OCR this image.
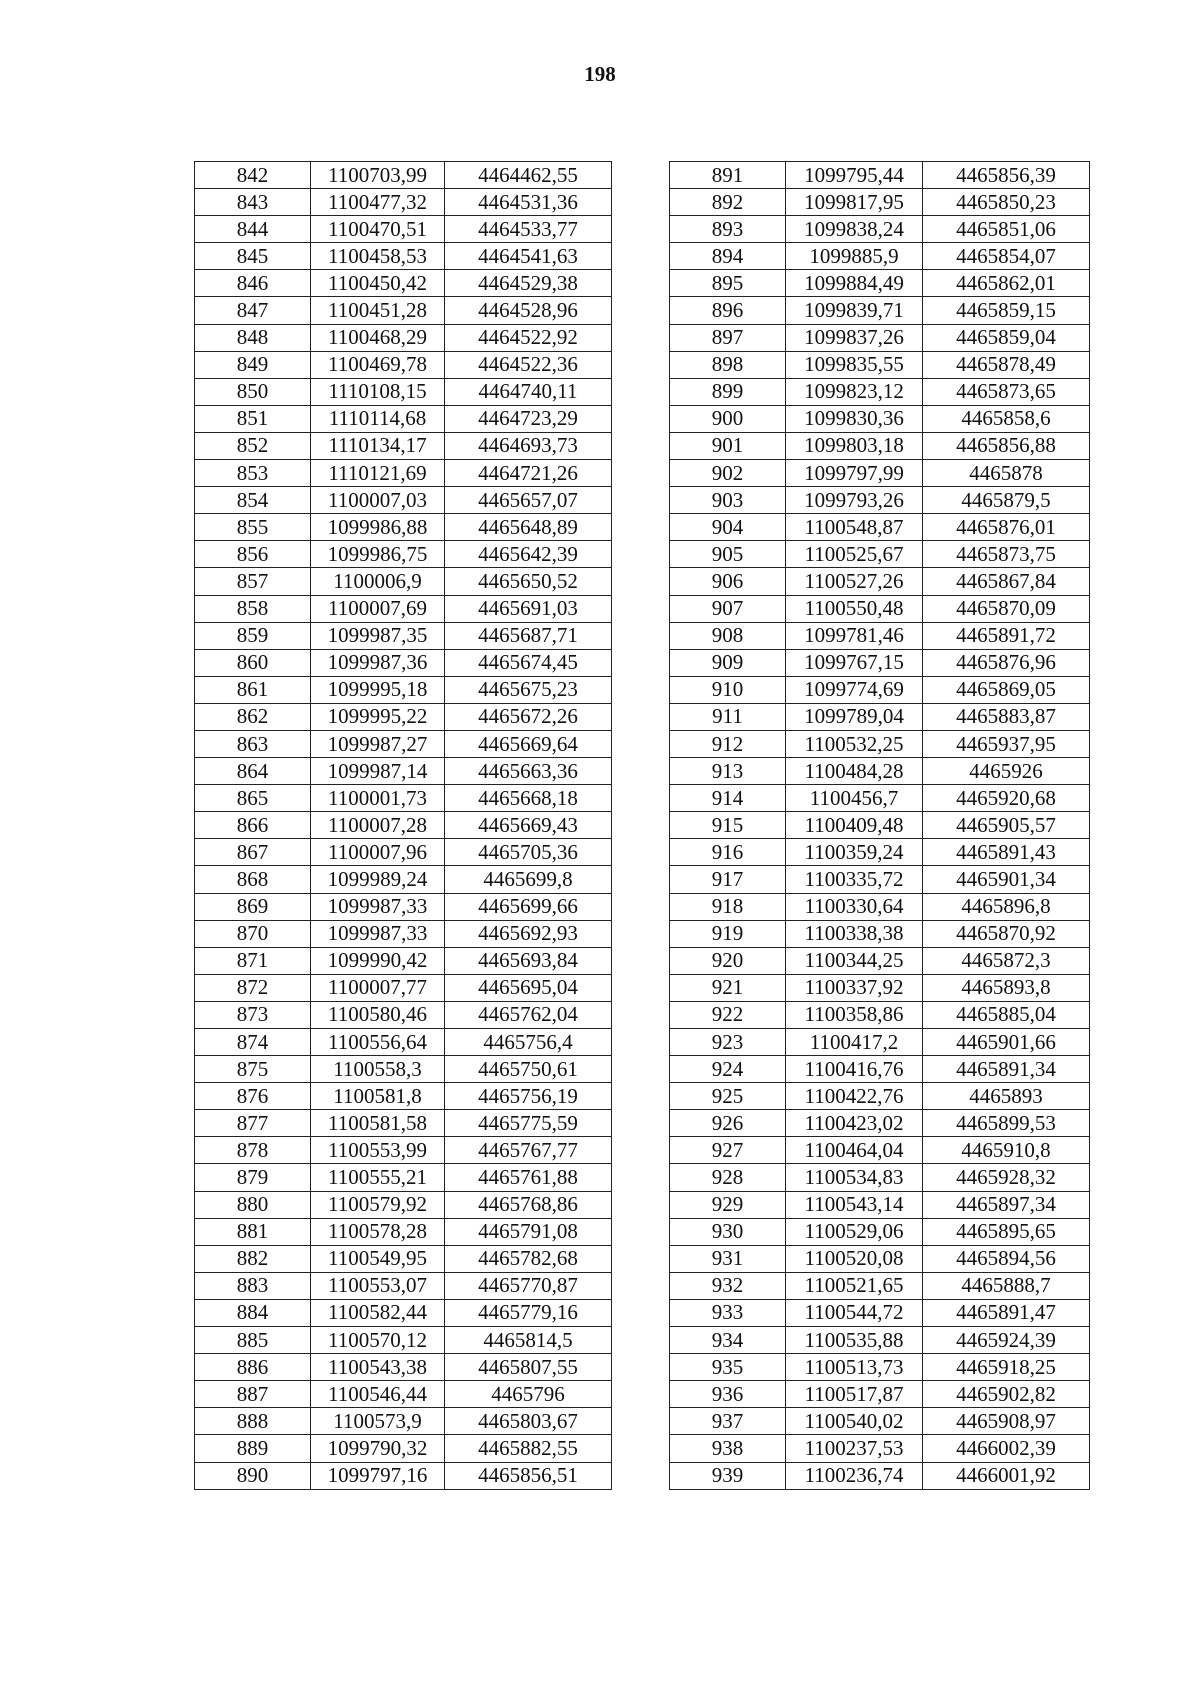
198
842	1100703,99	4464462,55
843	1100477,32	4464531,36
844	1100470,51	4464533,77
845	1100458,53	4464541,63
846	1100450,42	4464529,38
847	1100451,28	4464528,96
848	1100468,29	4464522,92
849	1100469,78	4464522,36
850	1110108,15	4464740,11
851	1110114,68	4464723,29
852	1110134,17	4464693,73
853	1110121,69	4464721,26
854	1100007,03	4465657,07
855	1099986,88	4465648,89
856	1099986,75	4465642,39
857	1100006,9	4465650,52
858	1100007,69	4465691,03
859	1099987,35	4465687,71
860	1099987,36	4465674,45
861	1099995,18	4465675,23
862	1099995,22	4465672,26
863	1099987,27	4465669,64
864	1099987,14	4465663,36
865	1100001,73	4465668,18
866	1100007,28	4465669,43
867	1100007,96	4465705,36
868	1099989,24	4465699,8
869	1099987,33	4465699,66
870	1099987,33	4465692,93
871	1099990,42	4465693,84
872	1100007,77	4465695,04
873	1100580,46	4465762,04
874	1100556,64	4465756,4
875	1100558,3	4465750,61
876	1100581,8	4465756,19
877	1100581,58	4465775,59
878	1100553,99	4465767,77
879	1100555,21	4465761,88
880	1100579,92	4465768,86
881	1100578,28	4465791,08
882	1100549,95	4465782,68
883	1100553,07	4465770,87
884	1100582,44	4465779,16
885	1100570,12	4465814,5
886	1100543,38	4465807,55
887	1100546,44	4465796
888	1100573,9	4465803,67
889	1099790,32	4465882,55
890	1099797,16	4465856,51
891	1099795,44	4465856,39
892	1099817,95	4465850,23
893	1099838,24	4465851,06
894	1099885,9	4465854,07
895	1099884,49	4465862,01
896	1099839,71	4465859,15
897	1099837,26	4465859,04
898	1099835,55	4465878,49
899	1099823,12	4465873,65
900	1099830,36	4465858,6
901	1099803,18	4465856,88
902	1099797,99	4465878
903	1099793,26	4465879,5
904	1100548,87	4465876,01
905	1100525,67	4465873,75
906	1100527,26	4465867,84
907	1100550,48	4465870,09
908	1099781,46	4465891,72
909	1099767,15	4465876,96
910	1099774,69	4465869,05
911	1099789,04	4465883,87
912	1100532,25	4465937,95
913	1100484,28	4465926
914	1100456,7	4465920,68
915	1100409,48	4465905,57
916	1100359,24	4465891,43
917	1100335,72	4465901,34
918	1100330,64	4465896,8
919	1100338,38	4465870,92
920	1100344,25	4465872,3
921	1100337,92	4465893,8
922	1100358,86	4465885,04
923	1100417,2	4465901,66
924	1100416,76	4465891,34
925	1100422,76	4465893
926	1100423,02	4465899,53
927	1100464,04	4465910,8
928	1100534,83	4465928,32
929	1100543,14	4465897,34
930	1100529,06	4465895,65
931	1100520,08	4465894,56
932	1100521,65	4465888,7
933	1100544,72	4465891,47
934	1100535,88	4465924,39
935	1100513,73	4465918,25
936	1100517,87	4465902,82
937	1100540,02	4465908,97
938	1100237,53	4466002,39
939	1100236,74	4466001,92
